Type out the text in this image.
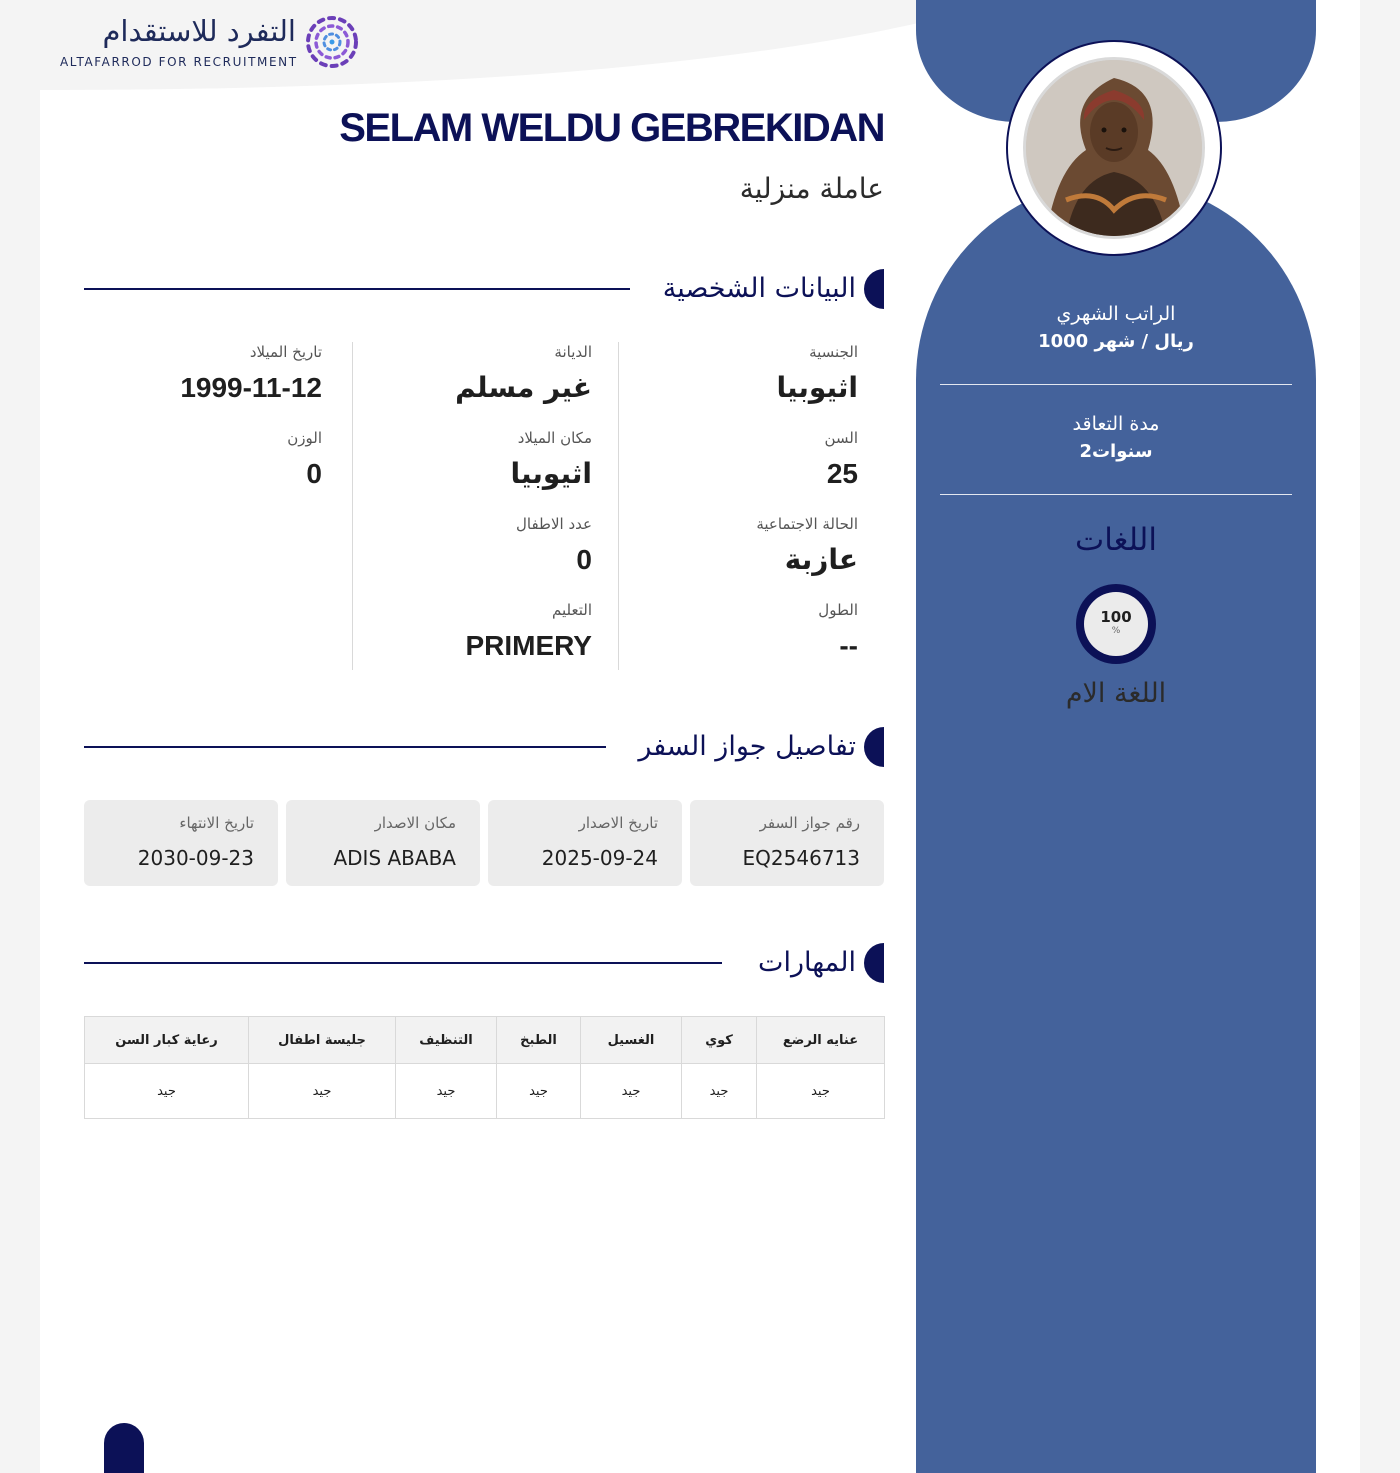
التفرد للاستقدام
ALTAFARROD FOR RECRUITMENT
SELAM WELDU GEBREKIDAN
عاملة منزلية
البيانات الشخصية
الجنسية
اثيوبيا
السن
25
الحالة الاجتماعية
عازبة
الطول
--
الديانة
غير مسلم
مكان الميلاد
اثيوبيا
عدد الاطفال
0
التعليم
PRIMERY
تاريخ الميلاد
1999-11-12
الوزن
0
تفاصيل جواز السفر
رقم جواز السفر
EQ2546713
تاريخ الاصدار
2025-09-24
مكان الاصدار
ADIS ABABA
تاريخ الانتهاء
2030-09-23
المهارات
عنايه الرضع	كوي	الغسيل	الطبخ	التنظيف	جليسة اطفال	رعاية كبار السن
جيد	جيد	جيد	جيد	جيد	جيد	جيد
الراتب الشهري
1000 ريال / شهر
مدة التعاقد
2سنوات
اللغات
100
%
اللغة الام
